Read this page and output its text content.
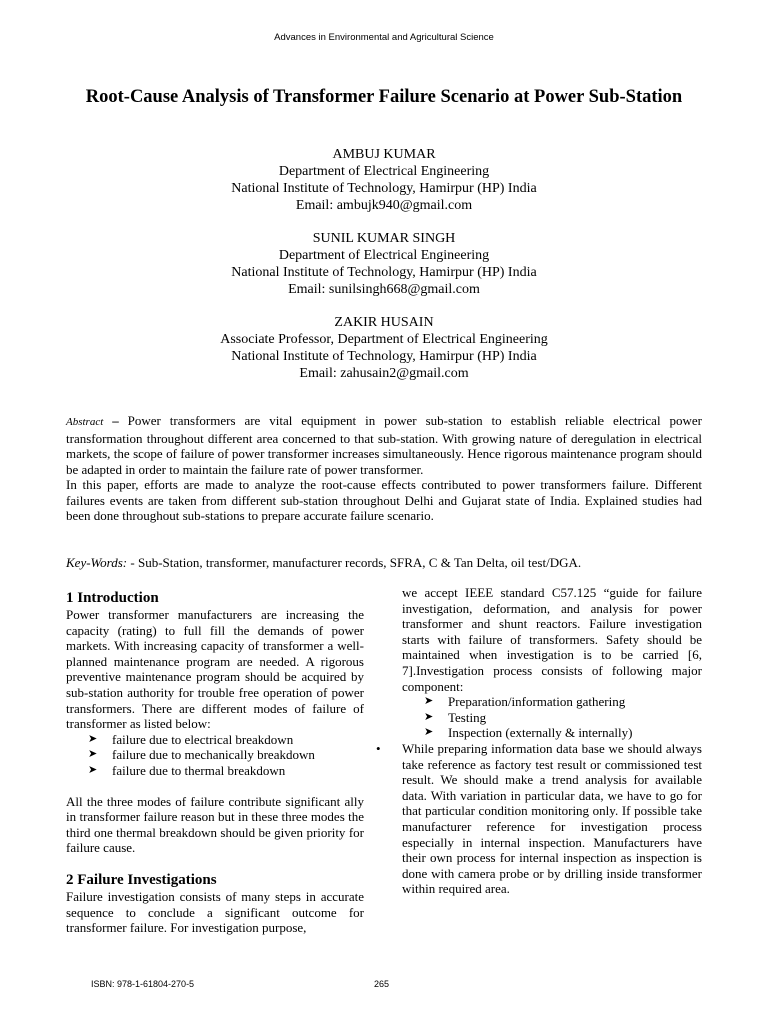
Advances in Environmental and Agricultural Science
Root-Cause Analysis of Transformer Failure Scenario at Power Sub-Station
AMBUJ KUMAR
Department of Electrical Engineering
National Institute of Technology, Hamirpur (HP) India
Email: ambujk940@gmail.com
SUNIL KUMAR SINGH
Department of Electrical Engineering
National Institute of Technology, Hamirpur (HP) India
Email: sunilsingh668@gmail.com
ZAKIR HUSAIN
Associate Professor, Department of Electrical Engineering
National Institute of Technology, Hamirpur (HP) India
Email: zahusain2@gmail.com

Abstract – Power transformers are vital equipment in power sub-station to establish reliable electrical power transformation throughout different area concerned to that sub-station. With growing nature of deregulation in electrical markets, the scope of failure of power transformer increases simultaneously. Hence rigorous maintenance program should be adapted in order to maintain the failure rate of power transformer.

In this paper, efforts are made to analyze the root-cause effects contributed to power transformers failure. Different failures events are taken from different sub-station throughout Delhi and Gujarat state of India. Explained studies had been done throughout sub-stations to prepare accurate failure scenario.

Key-Words: - Sub-Station, transformer, manufacturer records, SFRA, C & Tan Delta, oil test/DGA.
1 Introduction

Power transformer manufacturers are increasing the capacity (rating) to full fill the demands of power markets. With increasing capacity of transformer a well-planned maintenance program are needed. A rigorous preventive maintenance program should be acquired by sub-station authority for trouble free operation of power transformers. There are different modes of failure of transformer as listed below:

➤ failure due to electrical breakdown
➤ failure due to mechanically breakdown
➤ failure due to thermal breakdown

All the three modes of failure contribute significant ally in transformer failure reason but in these three modes the third one thermal breakdown should be given priority for failure cause.

2 Failure Investigations

Failure investigation consists of many steps in accurate sequence to conclude a significant outcome for transformer failure. For investigation purpose,

we accept IEEE standard C57.125 “guide for failure investigation, deformation, and analysis for power transformer and shunt reactors. Failure investigation starts with failure of transformers. Safety should be maintained when investigation is to be carried [6, 7].Investigation process consists of following major component:

➤ Preparation/information gathering
➤ Testing
➤ Inspection (externally & internally)

• While preparing information data base we should always take reference as factory test result or commissioned test result. We should make a trend analysis for available data. With variation in particular data, we have to go for that particular condition monitoring only. If possible take manufacturer reference for investigation process especially in internal inspection. Manufacturers have their own process for internal inspection as inspection is done with camera probe or by drilling inside transformer within required area.

ISBN: 978-1-61804-270-5	265
